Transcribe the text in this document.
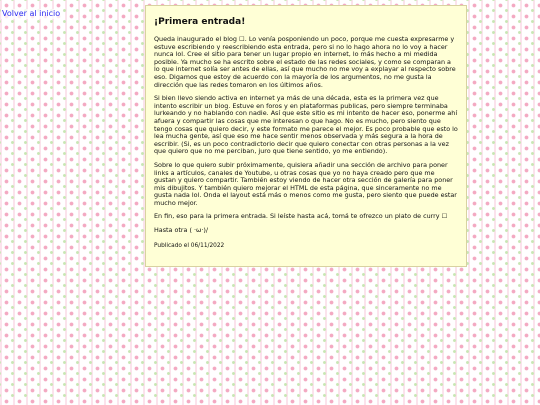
Volver al inicio
¡Primera entrada!

Queda inaugurado el blog ☐. Lo venía posponiendo un poco, porque me cuesta expresarme y estuve escribiendo y reescribiendo esta entrada, pero si no lo hago ahora no lo voy a hacer nunca lol. Cree el sitio para tener un lugar propio en internet, lo más hecho a mi medida posible. Ya mucho se ha escrito sobre el estado de las redes sociales, y como se comparan a lo que internet solía ser antes de ellas, así que mucho no me voy a explayar al respecto sobre eso. Digamos que estoy de acuerdo con la mayoría de los argumentos, no me gusta la dirección que las redes tomaron en los últimos años.

Si bien llevo siendo activa en internet ya más de una década, esta es la primera vez que intento escribir un blog. Estuve en foros y en plataformas publicas, pero siempre terminaba lurkeando y no hablando con nadie. Así que este sitio es mi intento de hacer eso, ponerme ahí afuera y compartir las cosas que me interesan o que hago. No es mucho, pero siento que tengo cosas que quiero decir, y este formato me parece el mejor. Es poco probable que esto lo lea mucha gente, así que eso me hace sentir menos observada y más segura a la hora de escribir. (Si, es un poco contradictorio decir que quiero conectar con otras personas a la vez que quiero que no me perciban, juro que tiene sentido, yo me entiendo).

Sobre lo que quiero subir próximamente, quisiera añadir una sección de archivo para poner links a artículos, canales de Youtube, u otras cosas que yo no haya creado pero que me gustan y quiero compartir. También estoy viendo de hacer otra sección de galería para poner mis dibujitos. Y también quiero mejorar el HTML de esta página, que sinceramente no me gusta nada lol. Onda el layout está más o menos como me gusta, pero siento que puede estar mucho mejor.

En fin, eso para la primera entrada. Si leíste hasta acá, tomá te ofrezco un plato de curry ☐

Hasta otra ( ·ω·)/

Publicado el 06/11/2022
